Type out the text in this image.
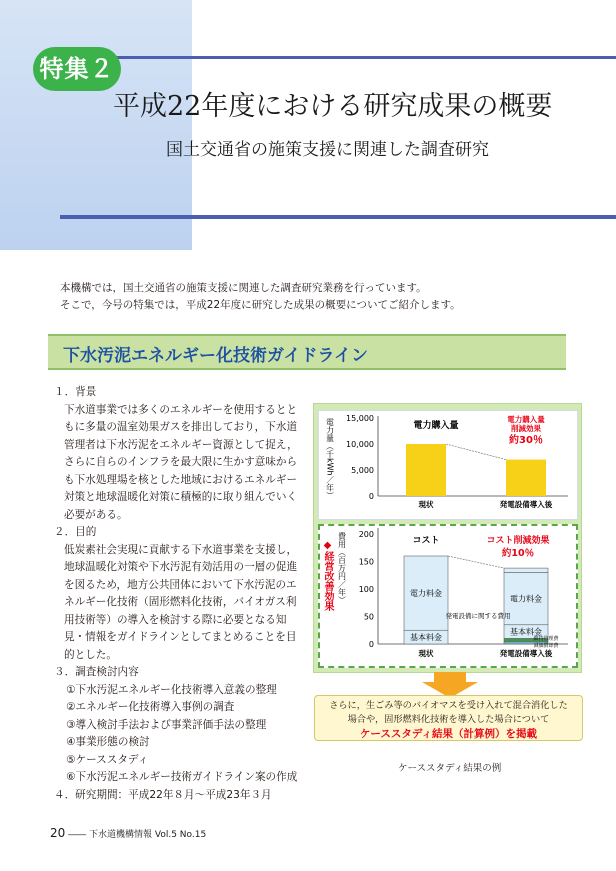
特集２
平成22年度における研究成果の概要
国土交通省の施策支援に関連した調査研究
本機構では，国土交通省の施策支援に関連した調査研究業務を行っています。
そこで，今号の特集では，平成22年度に研究した成果の概要についてご紹介します。
下水汚泥エネルギー化技術ガイドライン
１．背景
下水道事業では多くのエネルギーを使用するとともに多量の温室効果ガスを排出しており，下水道管理者は下水汚泥をエネルギー資源として捉え，さらに自らのインフラを最大限に生かす意味からも下水処理場を核とした地域におけるエネルギー対策と地球温暖化対策に積極的に取り組んでいく必要がある。
２．目的
低炭素社会実現に貢献する下水道事業を支援し，地球温暖化対策や下水汚泥有効活用の一層の促進を図るため，地方公共団体において下水汚泥のエネルギー化技術（固形燃料化技術，バイオガス利用技術等）の導入を検討する際に必要となる知見・情報をガイドラインとしてまとめることを目的とした。
３．調査検討内容
①下水汚泥エネルギー化技術導入意義の整理
②エネルギー化技術導入事例の調査
③導入検討手法および事業評価手法の整理
④事業形態の検討
⑤ケーススタディ
⑥下水汚泥エネルギー技術ガイドライン案の作成
４．研究期間：平成22年８月～平成23年３月
◆経営改善効果
電力量（千kWh／年） 15,000
10,000
5,000
0
電力購入量
電力購入量
削減効果
約30％
現状	発電設備導入後
費用（百万円／年） 200
150
100
50
0
電力料金
基本料金
電力料金
基本料金
発電設備に関する費用
維持管理費
減価償却費
コスト	コスト削減効果
約10％
現状	発電設備導入後
さらに，生ごみ等のバイオマスを受け入れて混合消化した
場合や，固形燃料化技術を導入した場合について
ケーススタディ結果（計算例）を掲載
ケーススタディ結果の例
20 ―― 下水道機構情報 Vol.5 No.15
